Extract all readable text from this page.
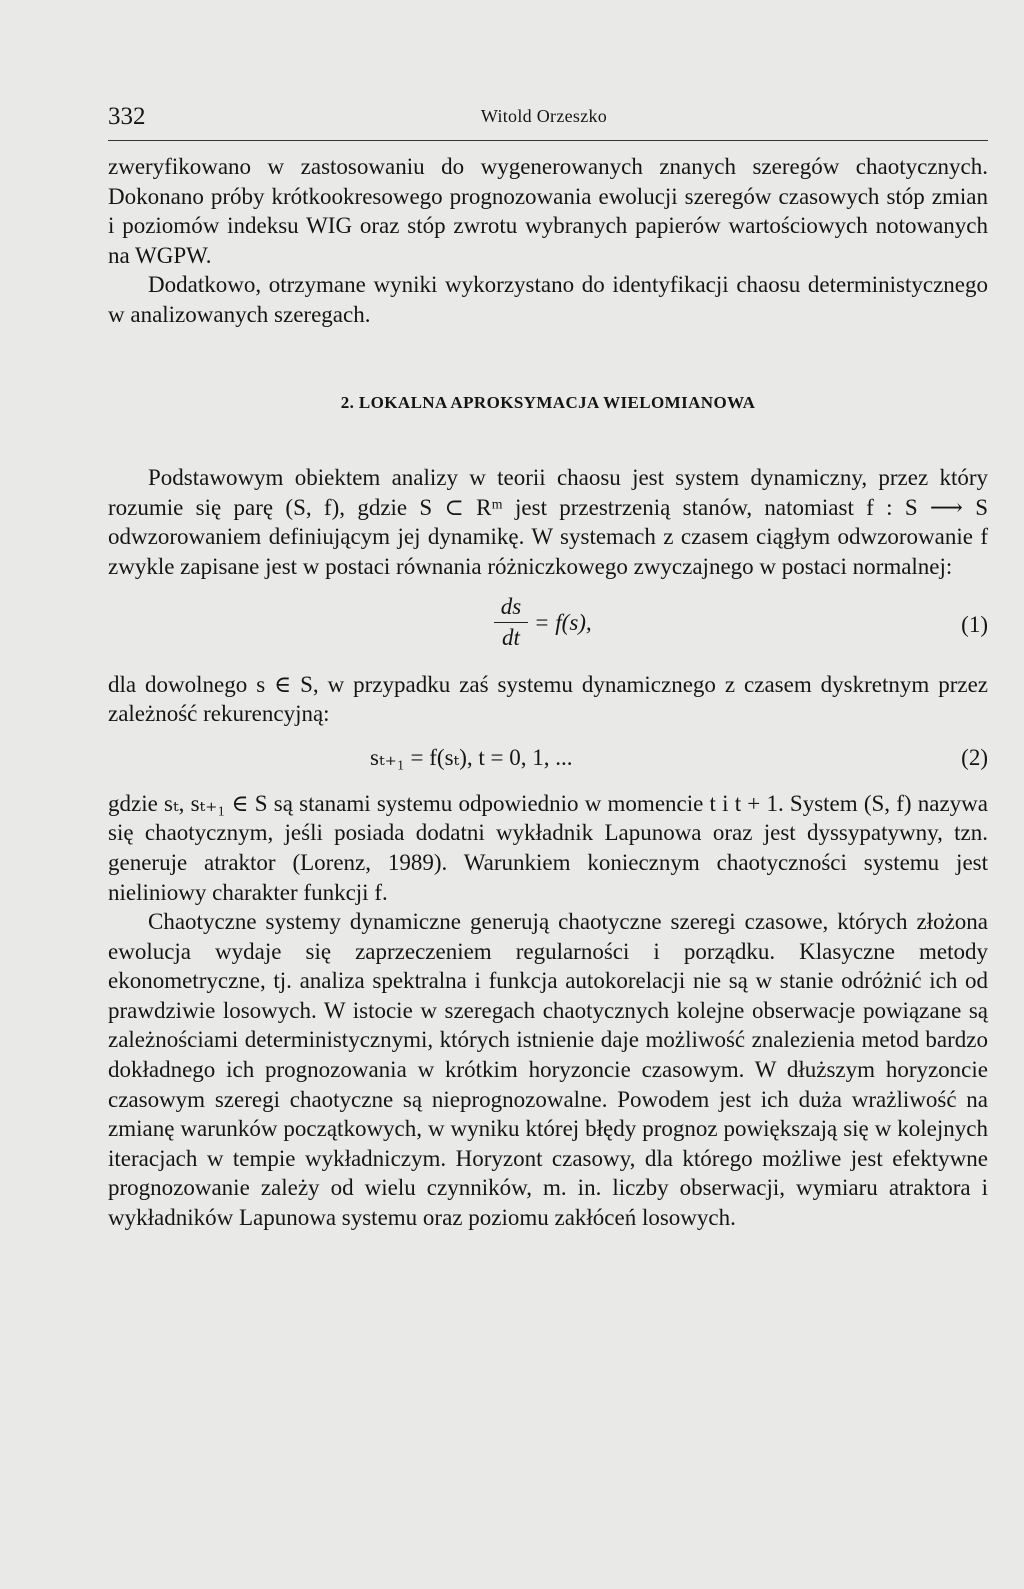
332	Witold Orzeszko

zweryfikowano w zastosowaniu do wygenerowanych znanych szeregów chaotycznych. Dokonano próby krótkookresowego prognozowania ewolucji szeregów czasowych stóp zmian i poziomów indeksu WIG oraz stóp zwrotu wybranych papierów wartościowych notowanych na WGPW.

Dodatkowo, otrzymane wyniki wykorzystano do identyfikacji chaosu deterministycznego w analizowanych szeregach.

2. LOKALNA APROKSYMACJA WIELOMIANOWA

Podstawowym obiektem analizy w teorii chaosu jest system dynamiczny, przez który rozumie się parę (S, f), gdzie S ⊂ Rᵐ jest przestrzenią stanów, natomiast f : S ⟶ S odwzorowaniem definiującym jej dynamikę. W systemach z czasem ciągłym odwzorowanie f zwykle zapisane jest w postaci równania różniczkowego zwyczajnego w postaci normalnej:

ds
dt
= f(s),	(1)

dla dowolnego s ∈ S, w przypadku zaś systemu dynamicznego z czasem dyskretnym przez zależność rekurencyjną:

sₜ₊₁ = f(sₜ), t = 0, 1, ...	(2)

gdzie sₜ, sₜ₊₁ ∈ S są stanami systemu odpowiednio w momencie t i t + 1. System (S, f) nazywa się chaotycznym, jeśli posiada dodatni wykładnik Lapunowa oraz jest dyssypatywny, tzn. generuje atraktor (Lorenz, 1989). Warunkiem koniecznym chaotyczności systemu jest nieliniowy charakter funkcji f.

Chaotyczne systemy dynamiczne generują chaotyczne szeregi czasowe, których złożona ewolucja wydaje się zaprzeczeniem regularności i porządku. Klasyczne metody ekonometryczne, tj. analiza spektralna i funkcja autokorelacji nie są w stanie odróżnić ich od prawdziwie losowych. W istocie w szeregach chaotycznych kolejne obserwacje powiązane są zależnościami deterministycznymi, których istnienie daje możliwość znalezienia metod bardzo dokładnego ich prognozowania w krótkim horyzoncie czasowym. W dłuższym horyzoncie czasowym szeregi chaotyczne są nieprognozowalne. Powodem jest ich duża wrażliwość na zmianę warunków początkowych, w wyniku której błędy prognoz powiększają się w kolejnych iteracjach w tempie wykładniczym. Horyzont czasowy, dla którego możliwe jest efektywne prognozowanie zależy od wielu czynników, m. in. liczby obserwacji, wymiaru atraktora i wykładników Lapunowa systemu oraz poziomu zakłóceń losowych.
